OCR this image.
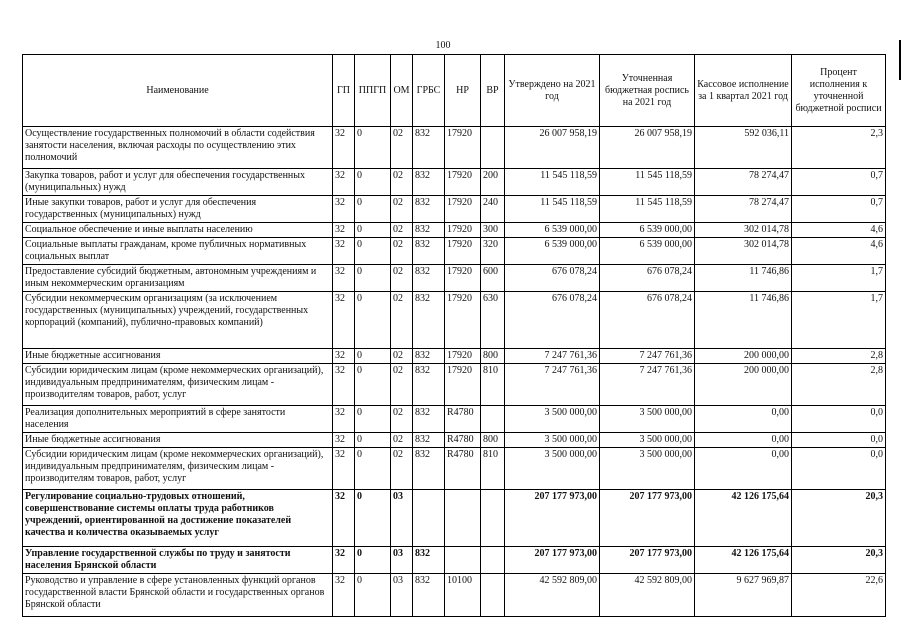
100
Наименование	ГП	ППГП	ОМ	ГРБС	НР	ВР	Утверждено на 2021 год	Уточненная бюджетная роспись на 2021 год	Кассовое исполнение за 1 квартал 2021 год	Процент исполнения к уточненной бюджетной росписи
Осуществление государственных полномочий в области содействия занятости населения, включая расходы по осуществлению этих полномочий	32	0	02	832	17920		26 007 958,19	26 007 958,19	592 036,11	2,3
Закупка товаров, работ и услуг для обеспечения государственных (муниципальных) нужд	32	0	02	832	17920	200	11 545 118,59	11 545 118,59	78 274,47	0,7
Иные закупки товаров, работ и услуг для обеспечения государственных (муниципальных) нужд	32	0	02	832	17920	240	11 545 118,59	11 545 118,59	78 274,47	0,7
Социальное обеспечение и иные выплаты населению	32	0	02	832	17920	300	6 539 000,00	6 539 000,00	302 014,78	4,6
Социальные выплаты гражданам, кроме публичных нормативных социальных выплат	32	0	02	832	17920	320	6 539 000,00	6 539 000,00	302 014,78	4,6
Предоставление субсидий бюджетным, автономным учреждениям и иным некоммерческим организациям	32	0	02	832	17920	600	676 078,24	676 078,24	11 746,86	1,7
Субсидии некоммерческим организациям (за исключением государственных (муниципальных) учреждений, государственных корпораций (компаний), публично-правовых компаний)	32	0	02	832	17920	630	676 078,24	676 078,24	11 746,86	1,7
Иные бюджетные ассигнования	32	0	02	832	17920	800	7 247 761,36	7 247 761,36	200 000,00	2,8
Субсидии юридическим лицам (кроме некоммерческих организаций), индивидуальным предпринимателям, физическим лицам - производителям товаров, работ, услуг	32	0	02	832	17920	810	7 247 761,36	7 247 761,36	200 000,00	2,8
Реализация дополнительных мероприятий в сфере занятости населения	32	0	02	832	R4780		3 500 000,00	3 500 000,00	0,00	0,0
Иные бюджетные ассигнования	32	0	02	832	R4780	800	3 500 000,00	3 500 000,00	0,00	0,0
Субсидии юридическим лицам (кроме некоммерческих организаций), индивидуальным предпринимателям, физическим лицам - производителям товаров, работ, услуг	32	0	02	832	R4780	810	3 500 000,00	3 500 000,00	0,00	0,0
Регулирование социально-трудовых отношений, совершенствование системы оплаты труда работников учреждений, ориентированной на достижение показателей качества и количества оказываемых услуг	32	0	03				207 177 973,00	207 177 973,00	42 126 175,64	20,3
Управление государственной службы по труду и занятости населения Брянской области	32	0	03	832			207 177 973,00	207 177 973,00	42 126 175,64	20,3
Руководство и управление в сфере установленных функций органов государственной власти Брянской области и государственных органов Брянской области	32	0	03	832	10100		42 592 809,00	42 592 809,00	9 627 969,87	22,6
